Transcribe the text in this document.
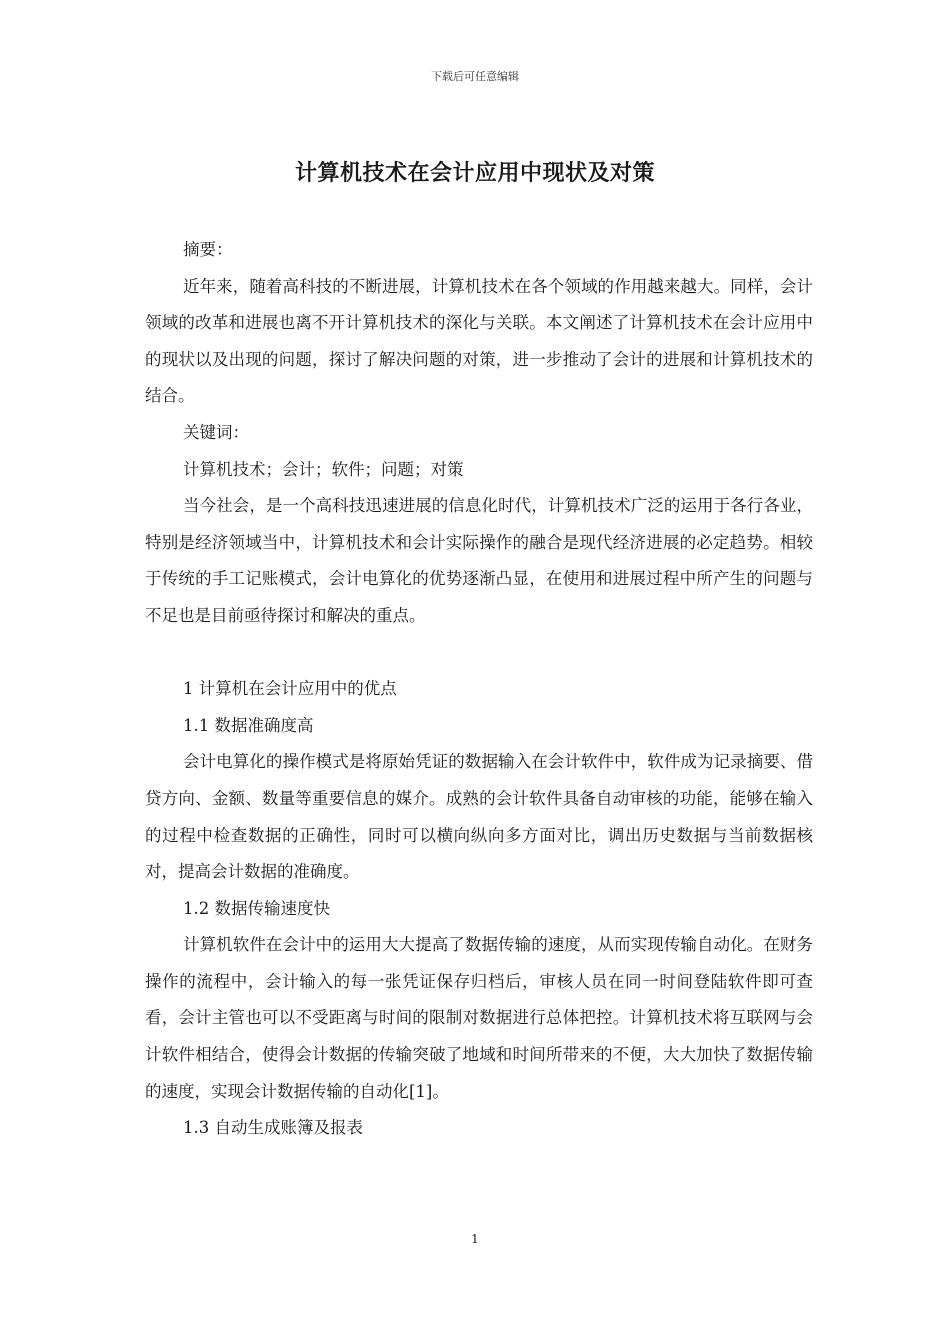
下载后可任意编辑
计算机技术在会计应用中现状及对策

摘要：

近年来，随着高科技的不断进展，计算机技术在各个领域的作用越来越大。同样，会计领域的改革和进展也离不开计算机技术的深化与关联。本文阐述了计算机技术在会计应用中的现状以及出现的问题，探讨了解决问题的对策，进一步推动了会计的进展和计算机技术的结合。

关键词：

计算机技术；会计；软件；问题；对策

当今社会，是一个高科技迅速进展的信息化时代，计算机技术广泛的运用于各行各业，特别是经济领域当中，计算机技术和会计实际操作的融合是现代经济进展的必定趋势。相较于传统的手工记账模式，会计电算化的优势逐渐凸显，在使用和进展过程中所产生的问题与不足也是目前亟待探讨和解决的重点。

1 计算机在会计应用中的优点

1.1 数据准确度高

会计电算化的操作模式是将原始凭证的数据输入在会计软件中，软件成为记录摘要、借贷方向、金额、数量等重要信息的媒介。成熟的会计软件具备自动审核的功能，能够在输入的过程中检查数据的正确性，同时可以横向纵向多方面对比，调出历史数据与当前数据核对，提高会计数据的准确度。

1.2 数据传输速度快

计算机软件在会计中的运用大大提高了数据传输的速度，从而实现传输自动化。在财务操作的流程中，会计输入的每一张凭证保存归档后，审核人员在同一时间登陆软件即可查看，会计主管也可以不受距离与时间的限制对数据进行总体把控。计算机技术将互联网与会计软件相结合，使得会计数据的传输突破了地域和时间所带来的不便，大大加快了数据传输的速度，实现会计数据传输的自动化[1]。

1.3 自动生成账簿及报表

1
